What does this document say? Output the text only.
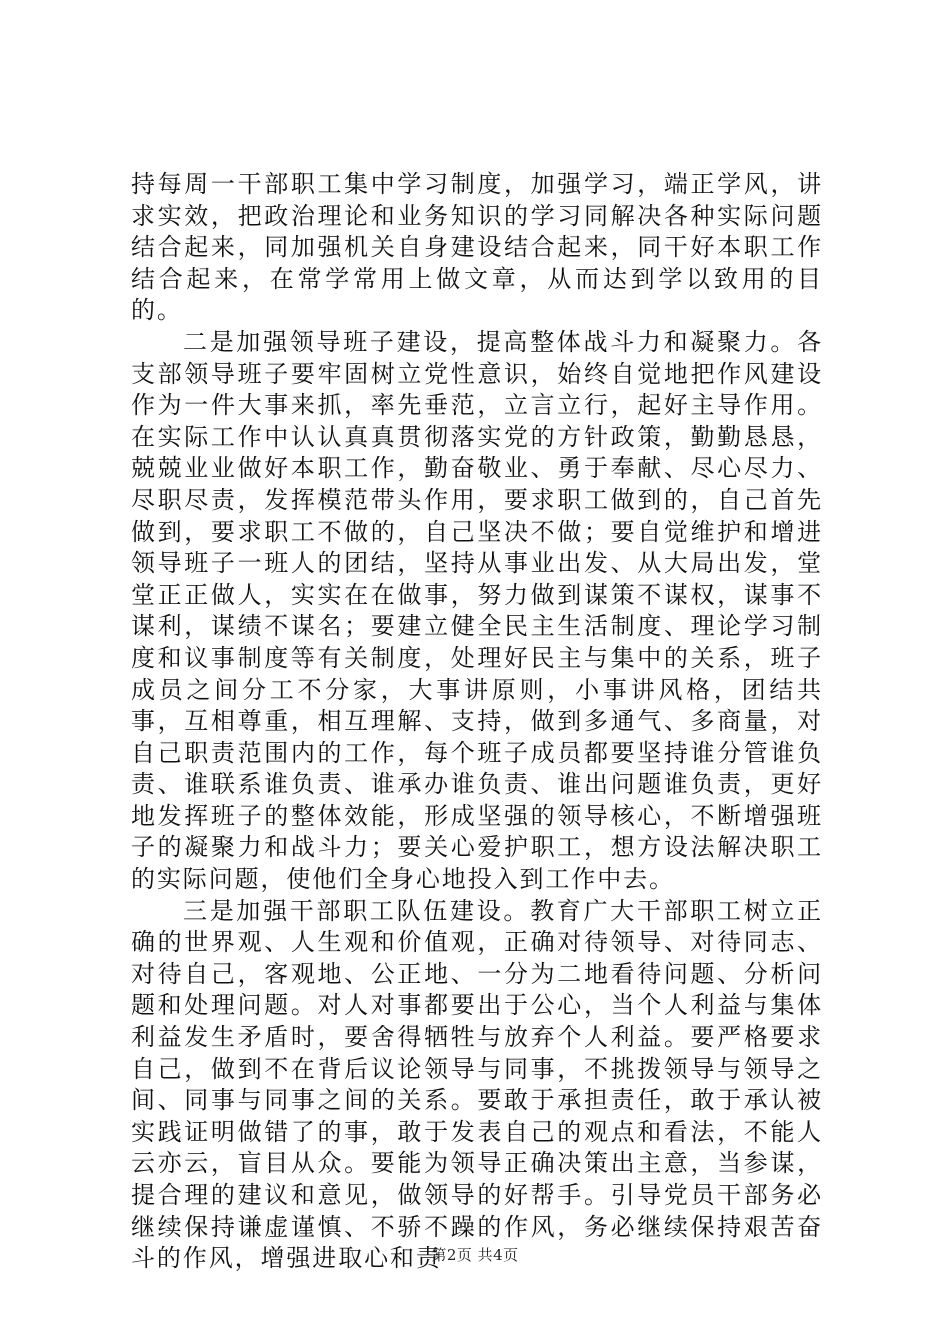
持每周一干部职工集中学习制度，加强学习，端正学风，讲求实效，把政治理论和业务知识的学习同解决各种实际问题结合起来，同加强机关自身建设结合起来，同干好本职工作结合起来，在常学常用上做文章，从而达到学以致用的目的。

二是加强领导班子建设，提高整体战斗力和凝聚力。各支部领导班子要牢固树立党性意识，始终自觉地把作风建设作为一件大事来抓，率先垂范，立言立行，起好主导作用。在实际工作中认认真真贯彻落实党的方针政策，勤勤恳恳，兢兢业业做好本职工作，勤奋敬业、勇于奉献、尽心尽力、尽职尽责，发挥模范带头作用，要求职工做到的，自己首先做到，要求职工不做的，自己坚决不做；要自觉维护和增进领导班子一班人的团结，坚持从事业出发、从大局出发，堂堂正正做人，实实在在做事，努力做到谋策不谋权，谋事不谋利，谋绩不谋名；要建立健全民主生活制度、理论学习制度和议事制度等有关制度，处理好民主与集中的关系，班子成员之间分工不分家，大事讲原则，小事讲风格，团结共事，互相尊重，相互理解、支持，做到多通气、多商量，对自己职责范围内的工作，每个班子成员都要坚持谁分管谁负责、谁联系谁负责、谁承办谁负责、谁出问题谁负责，更好地发挥班子的整体效能，形成坚强的领导核心，不断增强班子的凝聚力和战斗力；要关心爱护职工，想方设法解决职工的实际问题，使他们全身心地投入到工作中去。

三是加强干部职工队伍建设。教育广大干部职工树立正确的世界观、人生观和价值观，正确对待领导、对待同志、对待自己，客观地、公正地、一分为二地看待问题、分析问题和处理问题。对人对事都要出于公心，当个人利益与集体利益发生矛盾时，要舍得牺牲与放弃个人利益。要严格要求自己，做到不在背后议论领导与同事，不挑拨领导与领导之间、同事与同事之间的关系。要敢于承担责任，敢于承认被实践证明做错了的事，敢于发表自己的观点和看法，不能人云亦云，盲目从众。要能为领导正确决策出主意，当参谋，提合理的建议和意见，做领导的好帮手。引导党员干部务必继续保持谦虚谨慎、不骄不躁的作风，务必继续保持艰苦奋斗的作风，增强进取心和责

第2页 共4页
